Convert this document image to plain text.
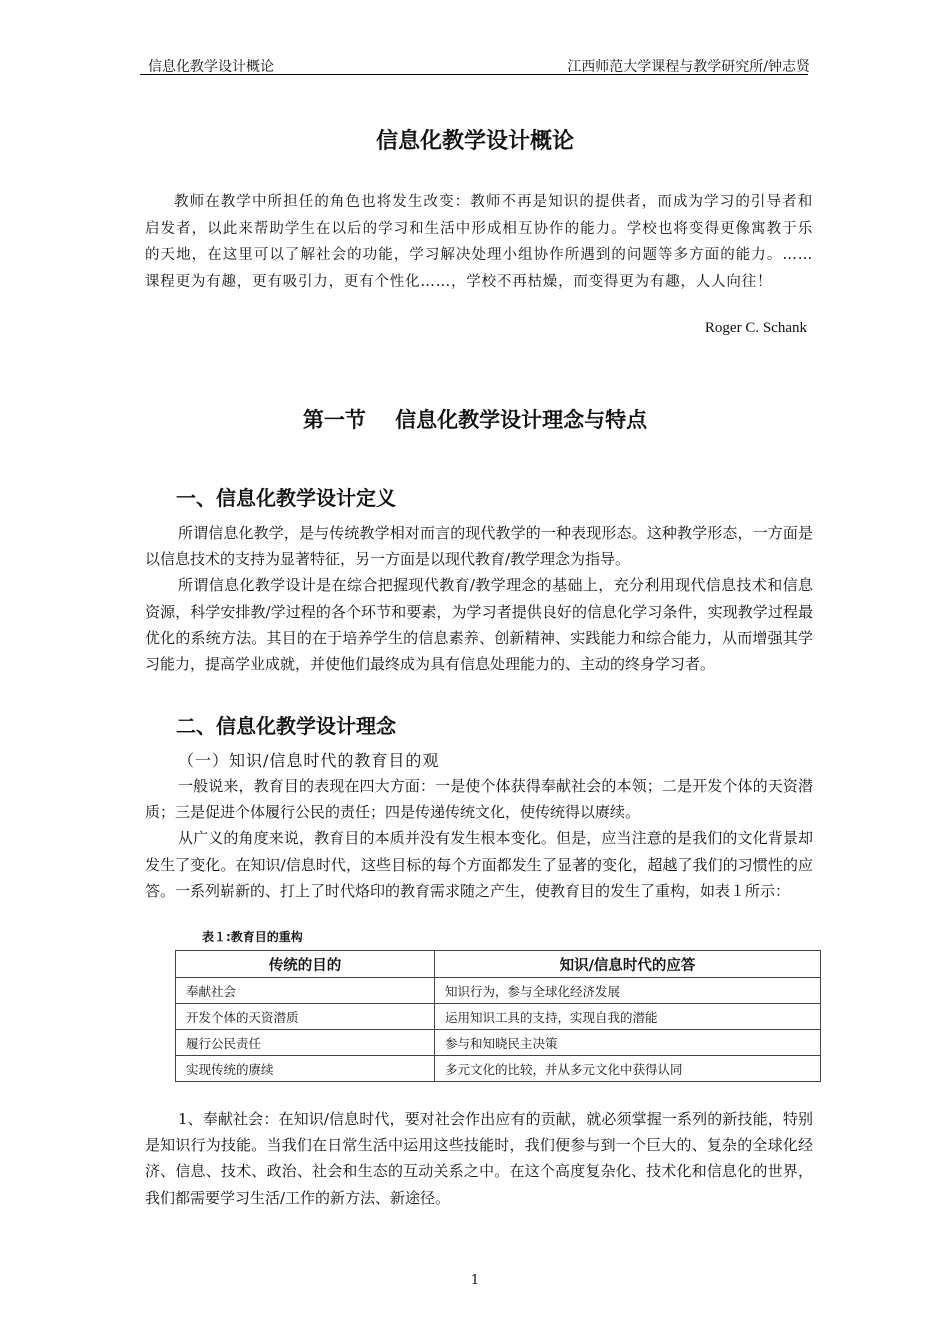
信息化教学设计概论	江西师范大学课程与教学研究所/钟志贤
信息化教学设计概论

教师在教学中所担任的角色也将发生改变：教师不再是知识的提供者，而成为学习的引导者和启发者，以此来帮助学生在以后的学习和生活中形成相互协作的能力。学校也将变得更像寓教于乐的天地，在这里可以了解社会的功能，学习解决处理小组协作所遇到的问题等多方面的能力。……课程更为有趣，更有吸引力，更有个性化……，学校不再枯燥，而变得更为有趣，人人向往！

Roger C. Schank
第一节    信息化教学设计理念与特点
一、信息化教学设计定义

所谓信息化教学，是与传统教学相对而言的现代教学的一种表现形态。这种教学形态，一方面是以信息技术的支持为显著特征，另一方面是以现代教育/教学理念为指导。

所谓信息化教学设计是在综合把握现代教育/教学理念的基础上，充分利用现代信息技术和信息资源，科学安排教/学过程的各个环节和要素，为学习者提供良好的信息化学习条件，实现教学过程最优化的系统方法。其目的在于培养学生的信息素养、创新精神、实践能力和综合能力，从而增强其学习能力，提高学业成就，并使他们最终成为具有信息处理能力的、主动的终身学习者。

二、信息化教学设计理念
（一）知识/信息时代的教育目的观

一般说来，教育目的表现在四大方面：一是使个体获得奉献社会的本领；二是开发个体的天资潜质；三是促进个体履行公民的责任；四是传递传统文化，使传统得以赓续。

从广义的角度来说，教育目的本质并没有发生根本变化。但是，应当注意的是我们的文化背景却发生了变化。在知识/信息时代，这些目标的每个方面都发生了显著的变化，超越了我们的习惯性的应答。一系列崭新的、打上了时代烙印的教育需求随之产生，使教育目的发生了重构，如表１所示：

表１:教育目的重构
传统的目的	知识/信息时代的应答
奉献社会	知识行为，参与全球化经济发展
开发个体的天资潜质	运用知识工具的支持，实现自我的潜能
履行公民责任	参与和知晓民主决策
实现传统的赓续	多元文化的比较，并从多元文化中获得认同

1、奉献社会：在知识/信息时代，要对社会作出应有的贡献，就必须掌握一系列的新技能，特别是知识行为技能。当我们在日常生活中运用这些技能时，我们便参与到一个巨大的、复杂的全球化经济、信息、技术、政治、社会和生态的互动关系之中。在这个高度复杂化、技术化和信息化的世界，我们都需要学习生活/工作的新方法、新途径。

1
